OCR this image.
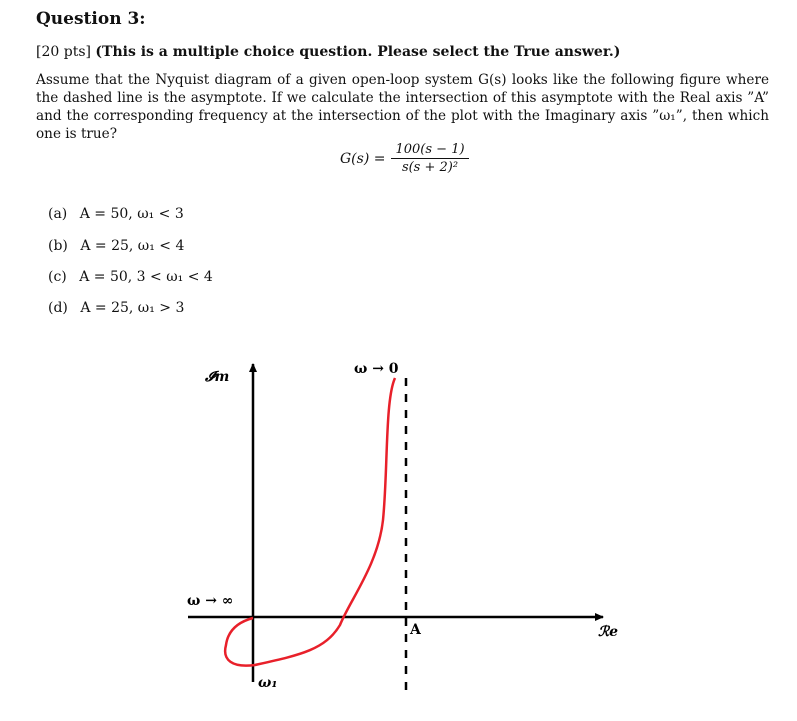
Question 3:
[20 pts] (This is a multiple choice question. Please select the True answer.)
Assume that the Nyquist diagram of a given open-loop system G(s) looks like the following figure where the dashed line is the asymptote. If we calculate the intersection of this asymptote with the Real axis ”A” and the corresponding frequency at the intersection of the plot with the Imaginary axis ”ω₁”, then which one is true?
$G(s) = \frac{100(s - 1)}{\text{s(s + 2)²}}$
(a) A = 50, ω₁ < 3
(b) A = 25, ω₁ < 4
(c) A = 50, 3 < ω₁ < 4
(d) A = 25, ω₁ > 3
𝓘m
ℛe
ω → 0
ω → ∞
ω₁
A
